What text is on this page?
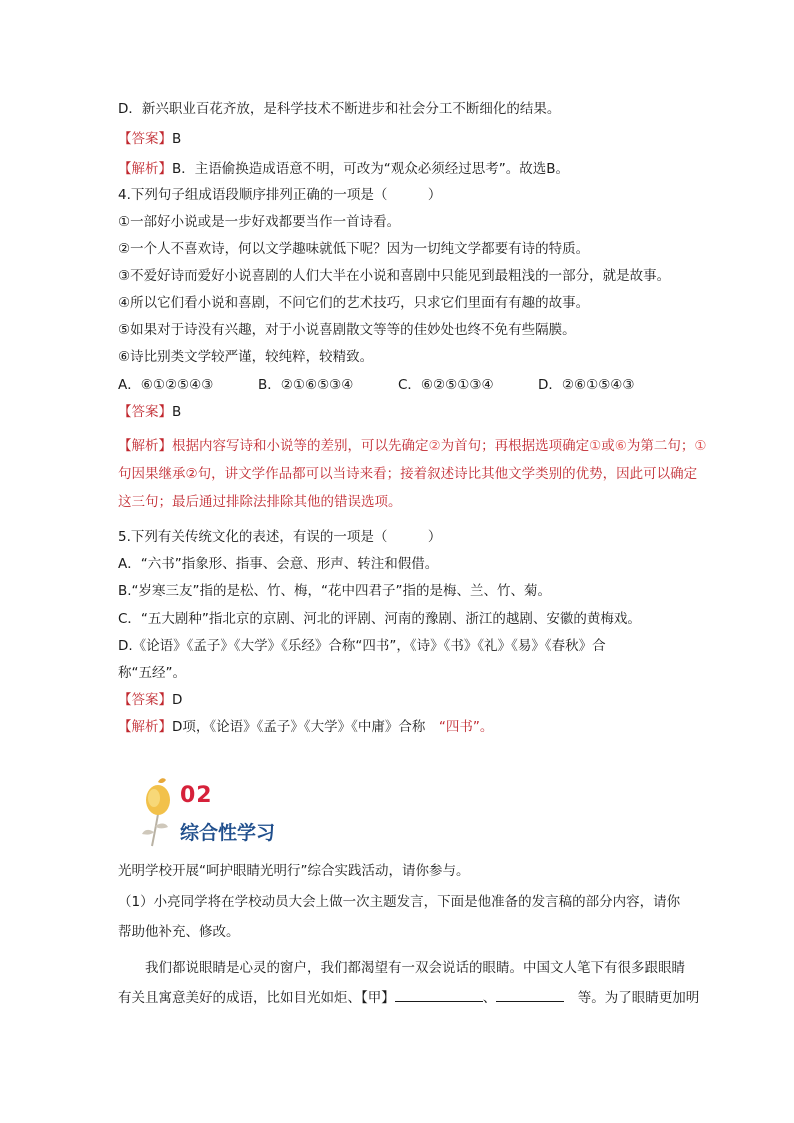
D．新兴职业百花齐放，是科学技术不断进步和社会分工不断细化的结果。
【答案】B
【解析】B．主语偷换造成语意不明，可改为“观众必须经过思考”。故选B。
4.下列句子组成语段顺序排列正确的一项是（　　　）
①一部好小说或是一步好戏都要当作一首诗看。
②一个人不喜欢诗，何以文学趣味就低下呢？因为一切纯文学都要有诗的特质。
③不爱好诗而爱好小说喜剧的人们大半在小说和喜剧中只能见到最粗浅的一部分，就是故事。
④所以它们看小说和喜剧，不问它们的艺术技巧，只求它们里面有有趣的故事。
⑤如果对于诗没有兴趣，对于小说喜剧散文等等的佳妙处也终不免有些隔膜。
⑥诗比别类文学较严谨，较纯粹，较精致。
A．⑥①②⑤④③	B．②①⑥⑤③④	C．⑥②⑤①③④	D．②⑥①⑤④③
【答案】B
【解析】根据内容写诗和小说等的差别，可以先确定②为首句；再根据选项确定①或⑥为第二句；①句因果继承②句，讲文学作品都可以当诗来看；接着叙述诗比其他文学类别的优势，因此可以确定这三句；最后通过排除法排除其他的错误选项。
5.下列有关传统文化的表述，有误的一项是（　　　）
A．“六书”指象形、指事、会意、形声、转注和假借。
B.“岁寒三友”指的是松、竹、梅，“花中四君子”指的是梅、兰、竹、菊。
C．“五大剧种”指北京的京剧、河北的评剧、河南的豫剧、浙江的越剧、安徽的黄梅戏。
D.《论语》《孟子》《大学》《乐经》合称“四书”，《诗》《书》《礼》《易》《春秋》合
称“五经”。
【答案】D
【解析】D项，《论语》《孟子》《大学》《中庸》合称　 “四书”。
02
综合性学习
光明学校开展“呵护眼睛光明行”综合实践活动，请你参与。
（1）小亮同学将在学校动员大会上做一次主题发言，下面是他准备的发言稿的部分内容，请你
帮助他补充、修改。
我们都说眼睛是心灵的窗户，我们都渴望有一双会说话的眼睛。中国文人笔下有很多跟眼睛
有关且寓意美好的成语，比如目光如炬、【甲】	、　	等。为了眼睛更加明
